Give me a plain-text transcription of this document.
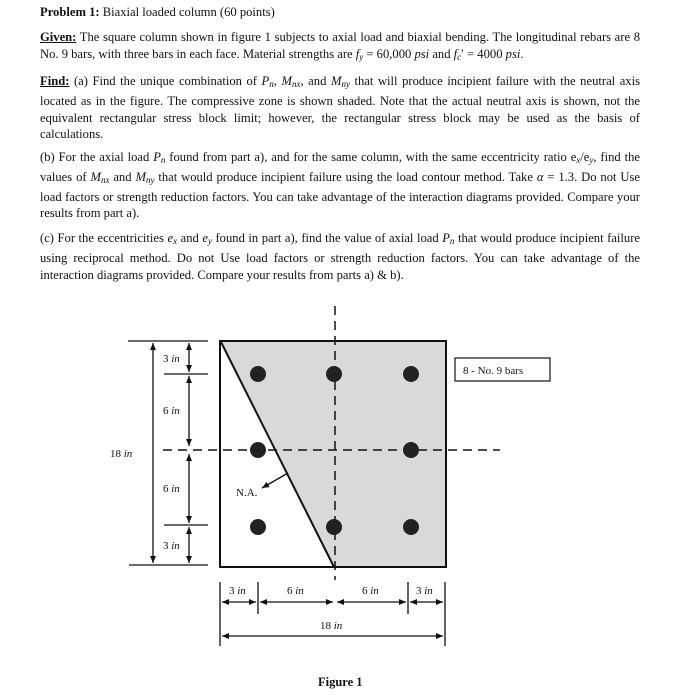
Problem 1: Biaxial loaded column (60 points)
Given: The square column shown in figure 1 subjects to axial load and biaxial bending. The longitudinal rebars are 8 No. 9 bars, with three bars in each face. Material strengths are $f_y = 60,000$ psi and $f_c' = 4000$ psi.
Find: (a) Find the unique combination of $P_n$, $M_{nx}$, and $M_{ny}$ that will produce incipient failure with the neutral axis located as in the figure. The compressive zone is shown shaded. Note that the actual neutral axis is shown, not the equivalent rectangular stress block limit; however, the rectangular stress block may be used as the basis of calculations.
(b) For the axial load $P_n$ found from part a), and for the same column, with the same eccentricity ratio $e_x/e_y$, find the values of $M_{nx}$ and $M_{ny}$ that would produce incipient failure using the load contour method. Take α = 1.3. Do not Use load factors or strength reduction factors. You can take advantage of the interaction diagrams provided. Compare your results from part a).
(c) For the eccentricities $e_x$ and $e_y$ found in part a), find the value of axial load $P_n$ that would produce incipient failure using reciprocal method. Do not Use load factors or strength reduction factors. You can take advantage of the interaction diagrams provided. Compare your results from parts a) & b).
8 - No. 9 bars
N.A.
3 in
6 in
6 in
3 in
18 in
3 in	6 in	6 in	3 in
18 in
Figure 1
